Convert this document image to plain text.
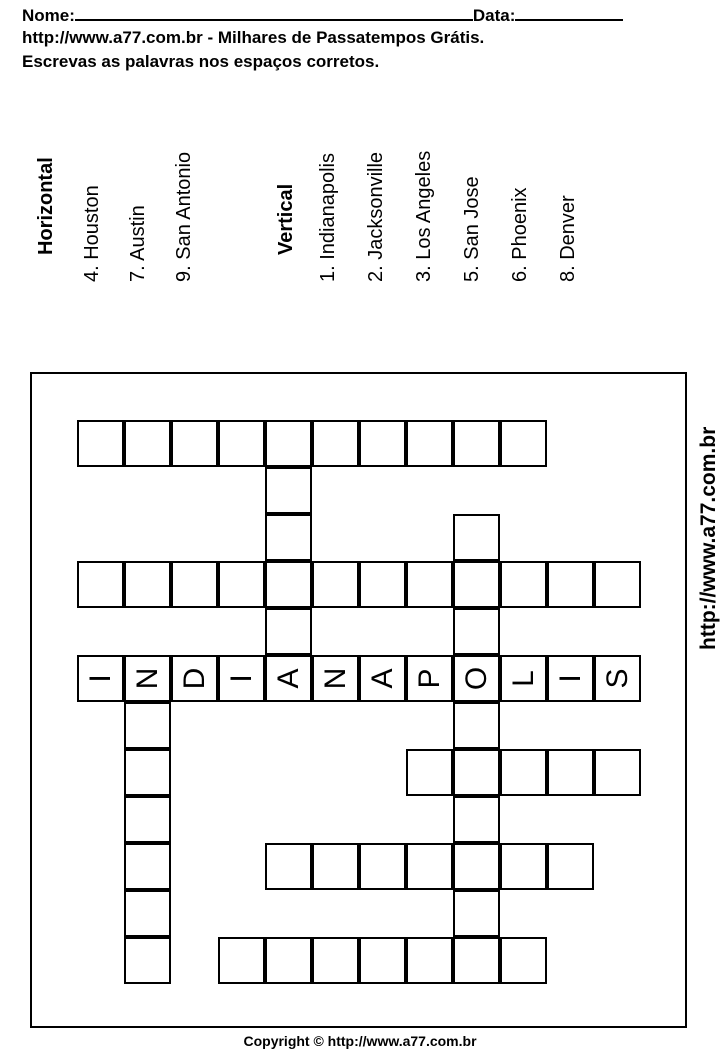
Nome:	Data:
http://www.a77.com.br - Milhares de Passatempos Grátis.
Escrevas as palavras nos espaços corretos.
Horizontal 4. Houston 7. Austin 9. San Antonio	Vertical 1. Indianapolis 2. Jacksonville 3. Los Angeles 5. San Jose 6. Phoenix 8. Denver
I N D I A N A P O L I S
http://www.a77.com.br
Copyright © http://www.a77.com.br
